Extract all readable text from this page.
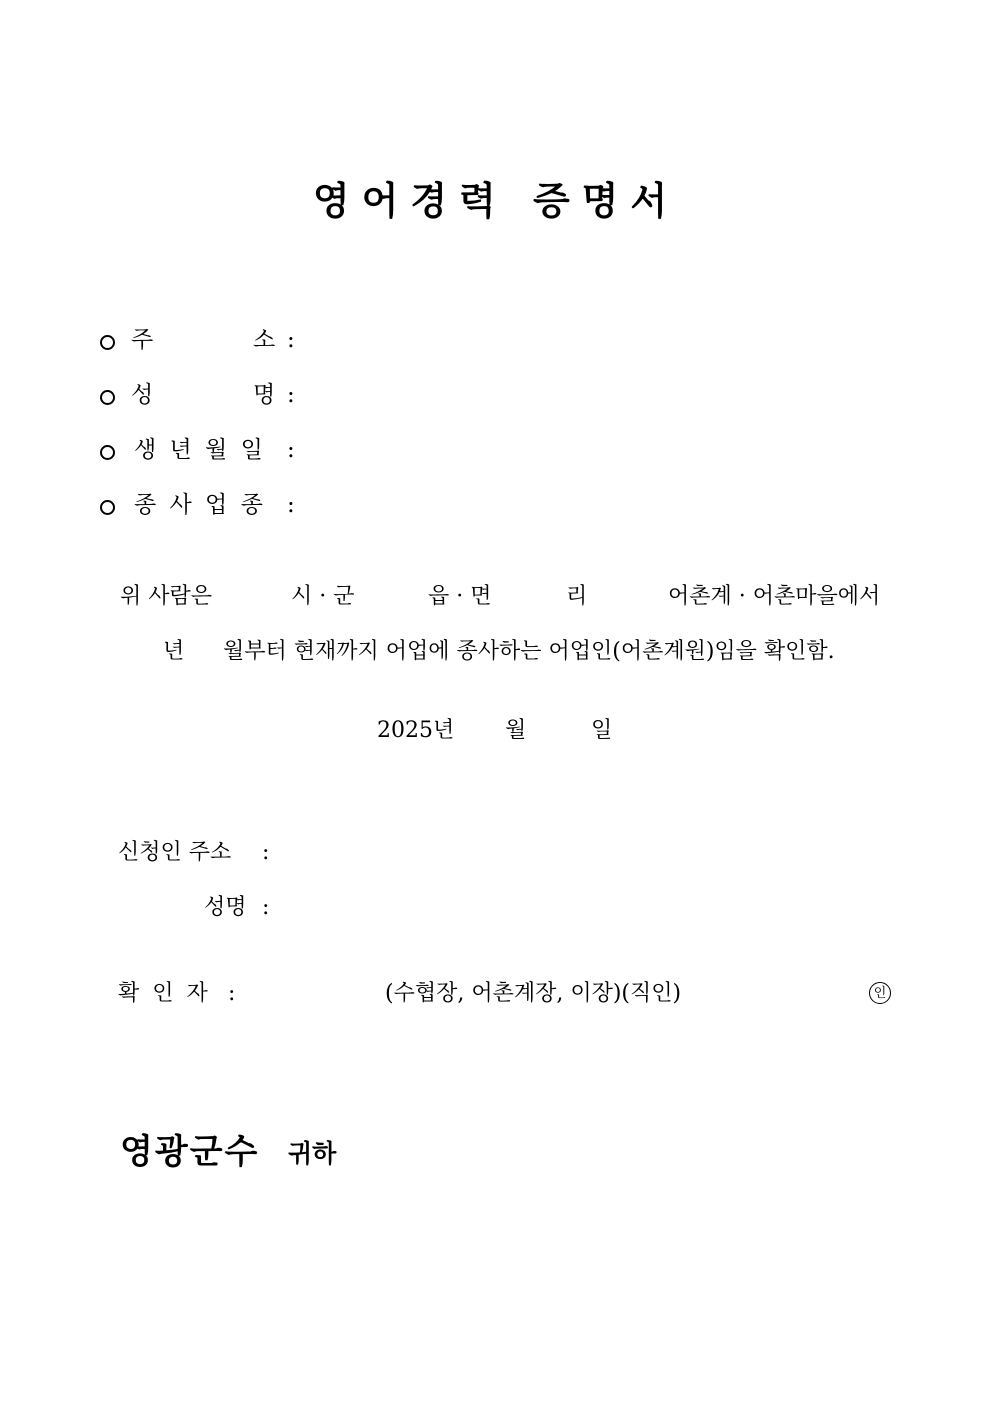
영어경력 증명서
주	소 :
성	명 :
생 년 월 일 :
종 사 업 종 :
위 사람은	시 · 군	읍 · 면	리	어촌계 · 어촌마을에서
년 월부터 현재까지 어업에 종사하는 어업인(어촌계원)임을 확인함.
2025년 월	일
신청인 주소 :
성명 :
확 인 자 :	(수협장, 어촌계장, 이장)(직인)	인
영광군수 귀하
